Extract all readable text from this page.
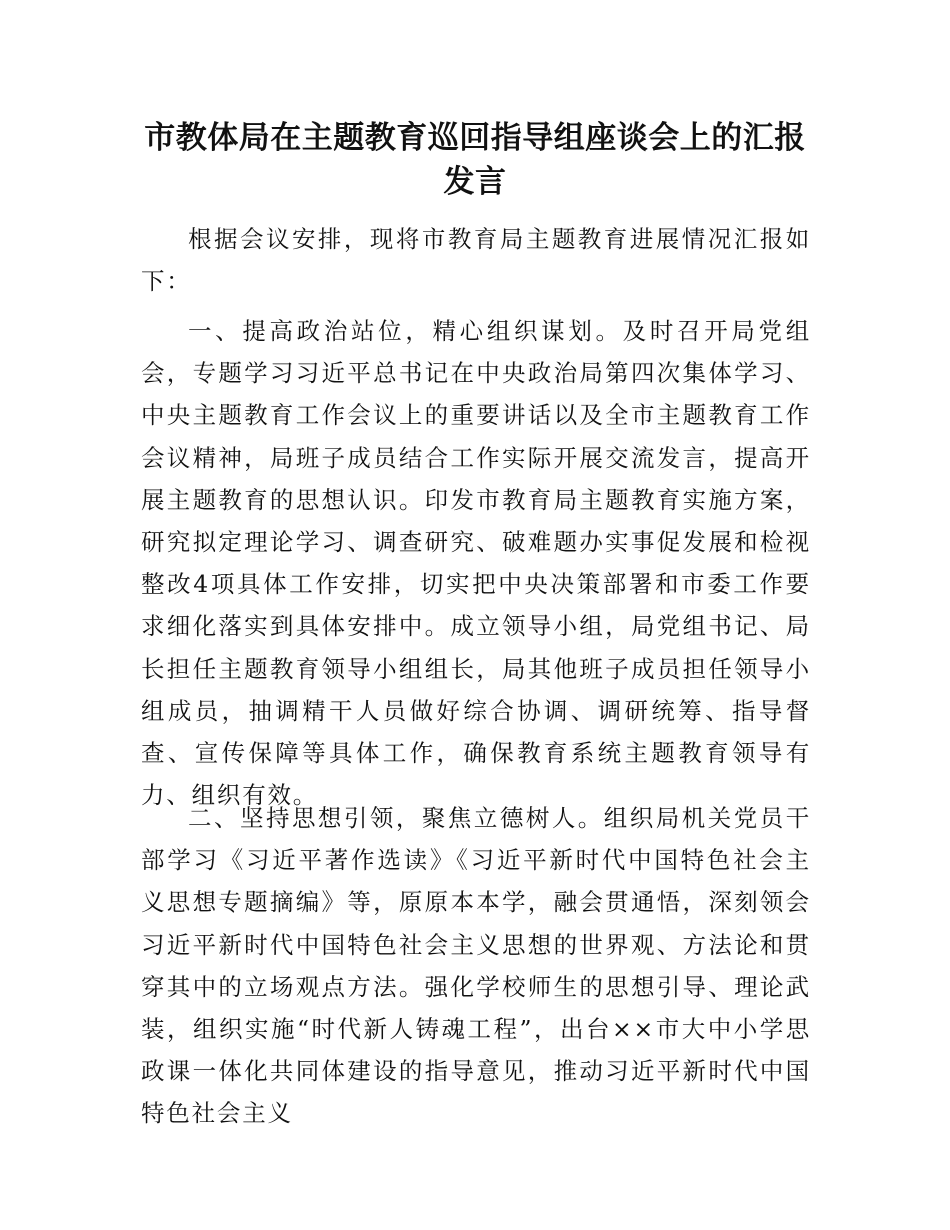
市教体局在主题教育巡回指导组座谈会上的汇报发言

根据会议安排，现将市教育局主题教育进展情况汇报如下：

一、提高政治站位，精心组织谋划。及时召开局党组会，专题学习习近平总书记在中央政治局第四次集体学习、中央主题教育工作会议上的重要讲话以及全市主题教育工作会议精神，局班子成员结合工作实际开展交流发言，提高开展主题教育的思想认识。印发市教育局主题教育实施方案，研究拟定理论学习、调查研究、破难题办实事促发展和检视整改4项具体工作安排，切实把中央决策部署和市委工作要求细化落实到具体安排中。成立领导小组，局党组书记、局长担任主题教育领导小组组长，局其他班子成员担任领导小组成员，抽调精干人员做好综合协调、调研统筹、指导督查、宣传保障等具体工作，确保教育系统主题教育领导有力、组织有效。

二、坚持思想引领，聚焦立德树人。组织局机关党员干部学习《习近平著作选读》《习近平新时代中国特色社会主义思想专题摘编》等，原原本本学，融会贯通悟，深刻领会习近平新时代中国特色社会主义思想的世界观、方法论和贯穿其中的立场观点方法。强化学校师生的思想引导、理论武装，组织实施“时代新人铸魂工程”，出台××市大中小学思政课一体化共同体建设的指导意见，推动习近平新时代中国特色社会主义
